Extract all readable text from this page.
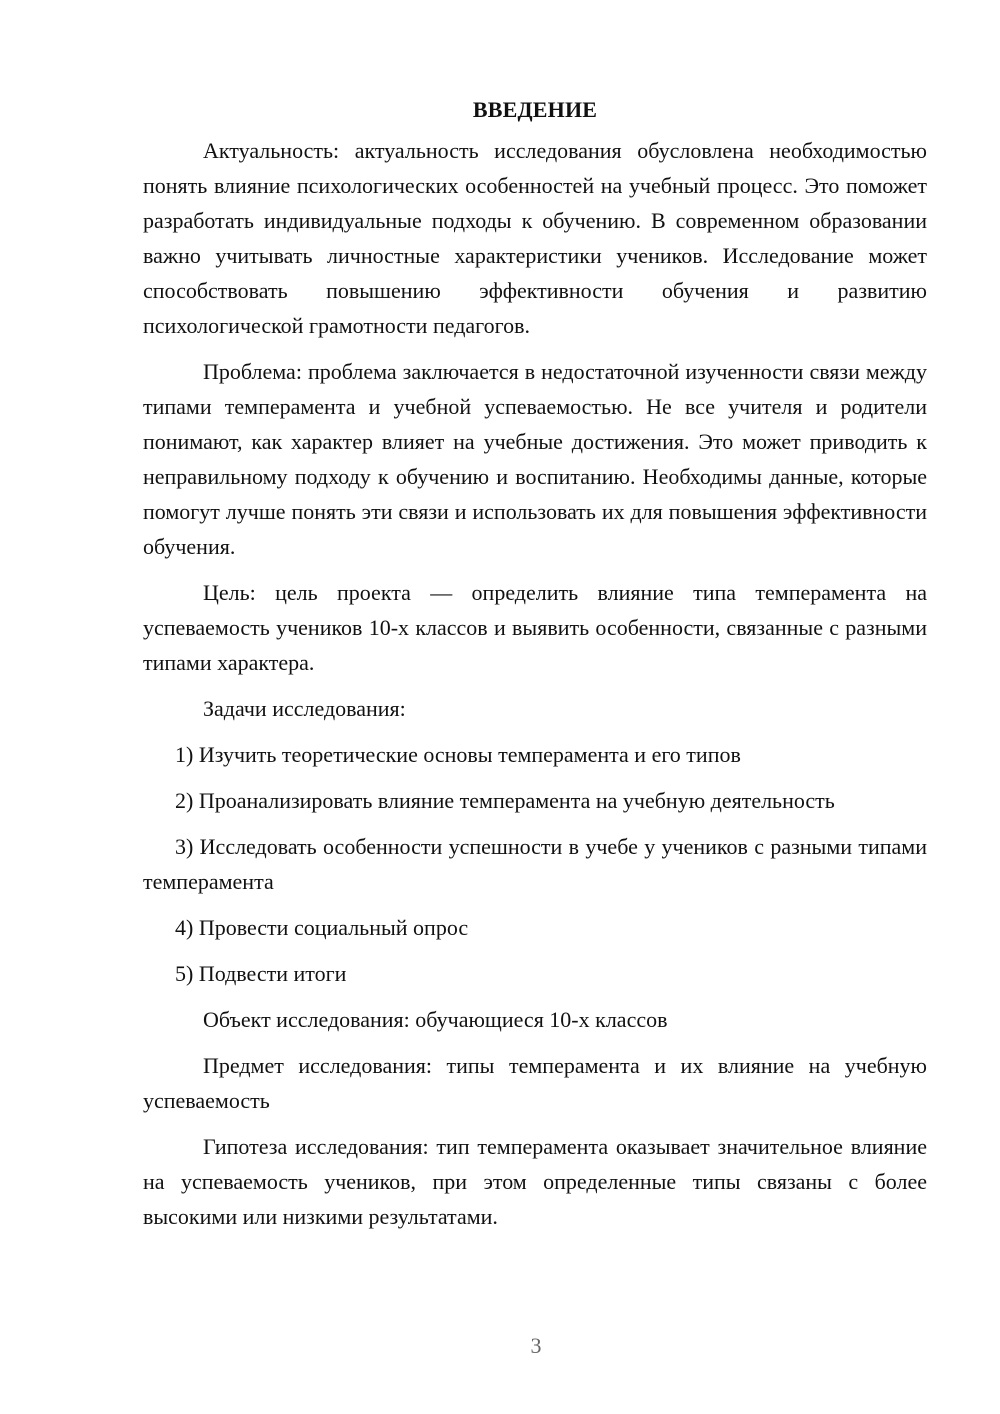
ВВЕДЕНИЕ

Актуальность: актуальность исследования обусловлена необходимостью понять влияние психологических особенностей на учебный процесс. Это поможет разработать индивидуальные подходы к обучению. В современном образовании важно учитывать личностные характеристики учеников. Исследование может способствовать повышению эффективности обучения и развитию психологической грамотности педагогов.

Проблема: проблема заключается в недостаточной изученности связи между типами темперамента и учебной успеваемостью. Не все учителя и родители понимают, как характер влияет на учебные достижения. Это может приводить к неправильному подходу к обучению и воспитанию. Необходимы данные, которые помогут лучше понять эти связи и использовать их для повышения эффективности обучения.

Цель: цель проекта — определить влияние типа темперамента на успеваемость учеников 10-х классов и выявить особенности, связанные с разными типами характера.

Задачи исследования:

1) Изучить теоретические основы темперамента и его типов

2) Проанализировать влияние темперамента на учебную деятельность

3) Исследовать особенности успешности в учебе у учеников с разными типами темперамента

4) Провести социальный опрос

5) Подвести итоги

Объект исследования: обучающиеся 10-х классов

Предмет исследования: типы темперамента и их влияние на учебную успеваемость

Гипотеза исследования: тип темперамента оказывает значительное влияние на успеваемость учеников, при этом определенные типы связаны с более высокими или низкими результатами.

3
